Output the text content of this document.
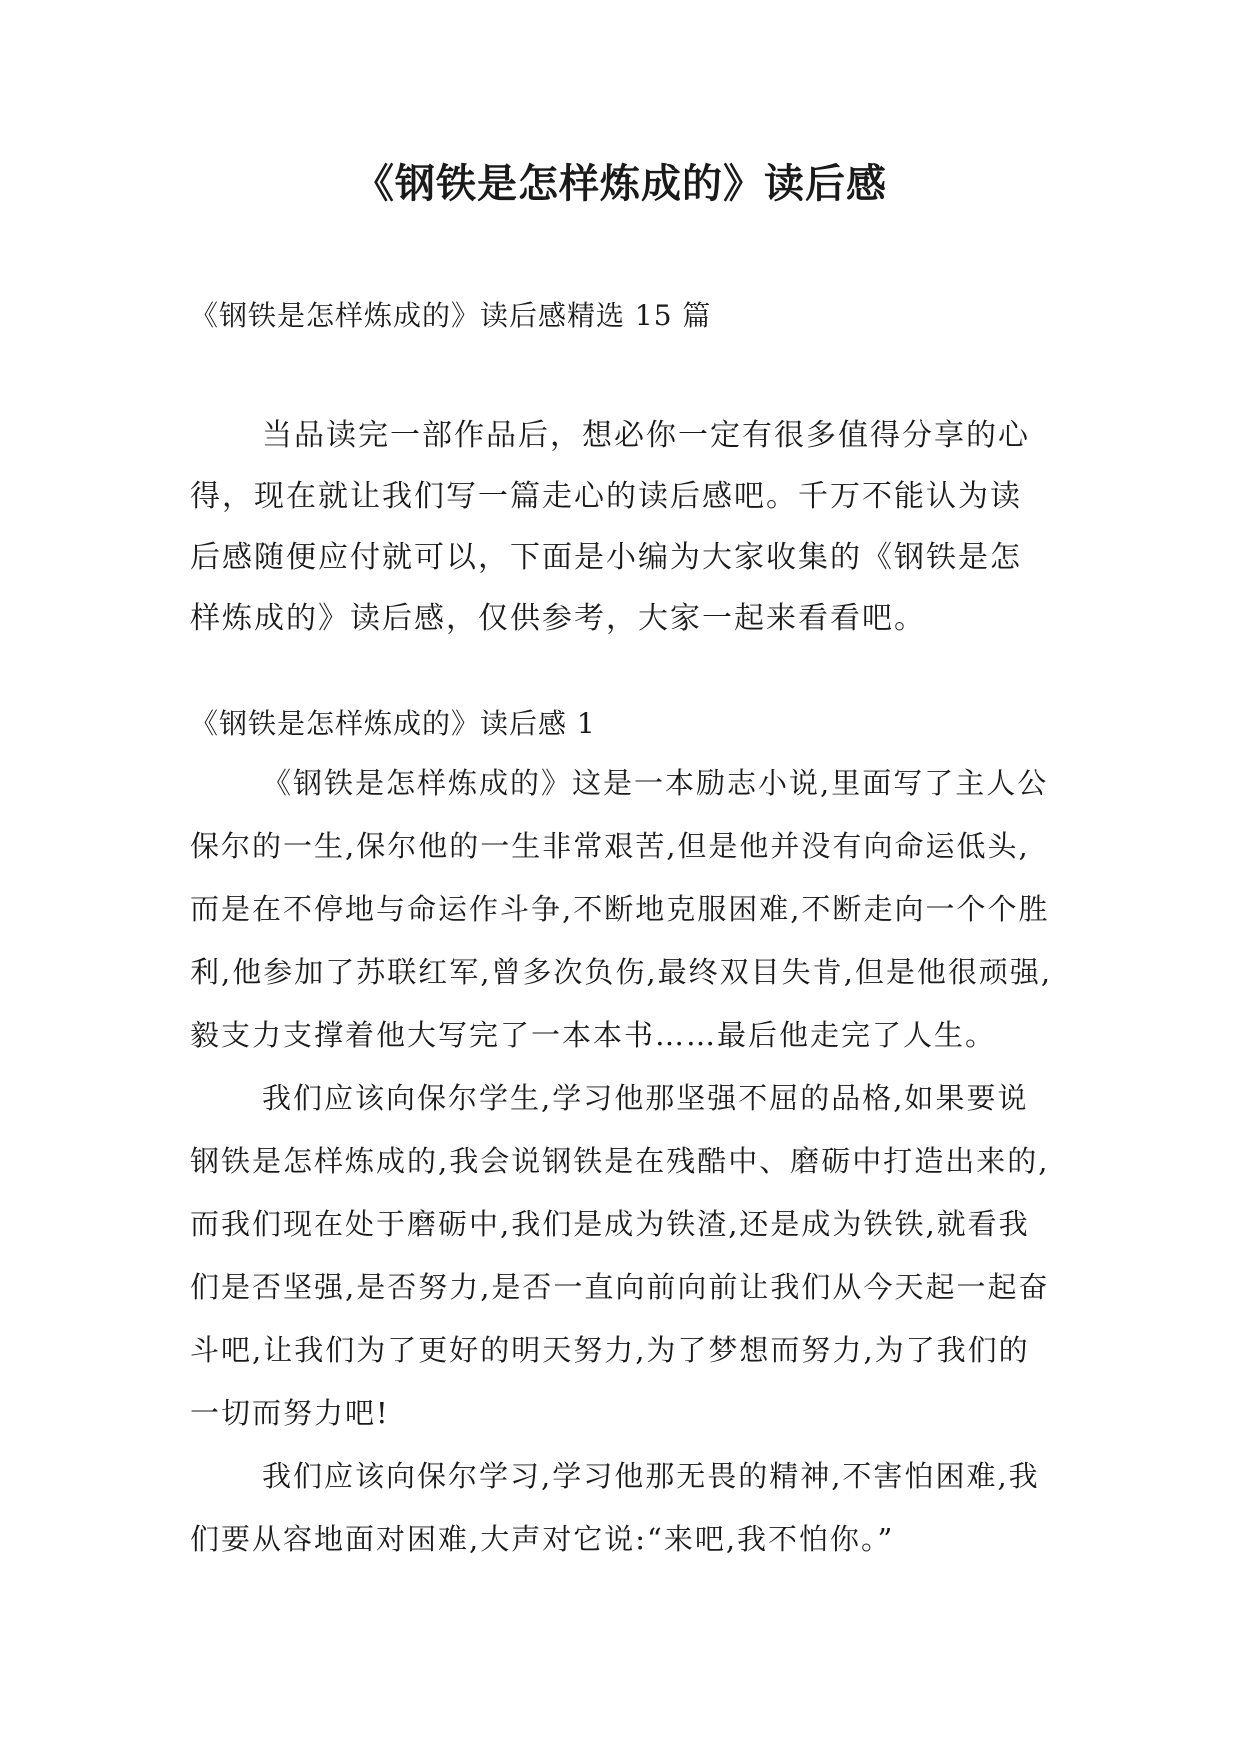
《钢铁是怎样炼成的》读后感

《钢铁是怎样炼成的》读后感精选 15 篇

当品读完一部作品后，想必你一定有很多值得分享的心得，现在就让我们写一篇走心的读后感吧。千万不能认为读后感随便应付就可以，下面是小编为大家收集的《钢铁是怎样炼成的》读后感，仅供参考，大家一起来看看吧。

《钢铁是怎样炼成的》读后感 1

《钢铁是怎样炼成的》这是一本励志小说,里面写了主人公保尔的一生,保尔他的一生非常艰苦,但是他并没有向命运低头,而是在不停地与命运作斗争,不断地克服困难,不断走向一个个胜利,他参加了苏联红军,曾多次负伤,最终双目失肯,但是他很顽强,毅支力支撑着他大写完了一本本书……最后他走完了人生。

我们应该向保尔学生,学习他那坚强不屈的品格,如果要说钢铁是怎样炼成的,我会说钢铁是在残酷中、磨砺中打造出来的,而我们现在处于磨砺中,我们是成为铁渣,还是成为铁铁,就看我们是否坚强,是否努力,是否一直向前向前让我们从今天起一起奋斗吧,让我们为了更好的明天努力,为了梦想而努力,为了我们的一切而努力吧!

我们应该向保尔学习,学习他那无畏的精神,不害怕困难,我们要从容地面对困难,大声对它说:“来吧,我不怕你。”
